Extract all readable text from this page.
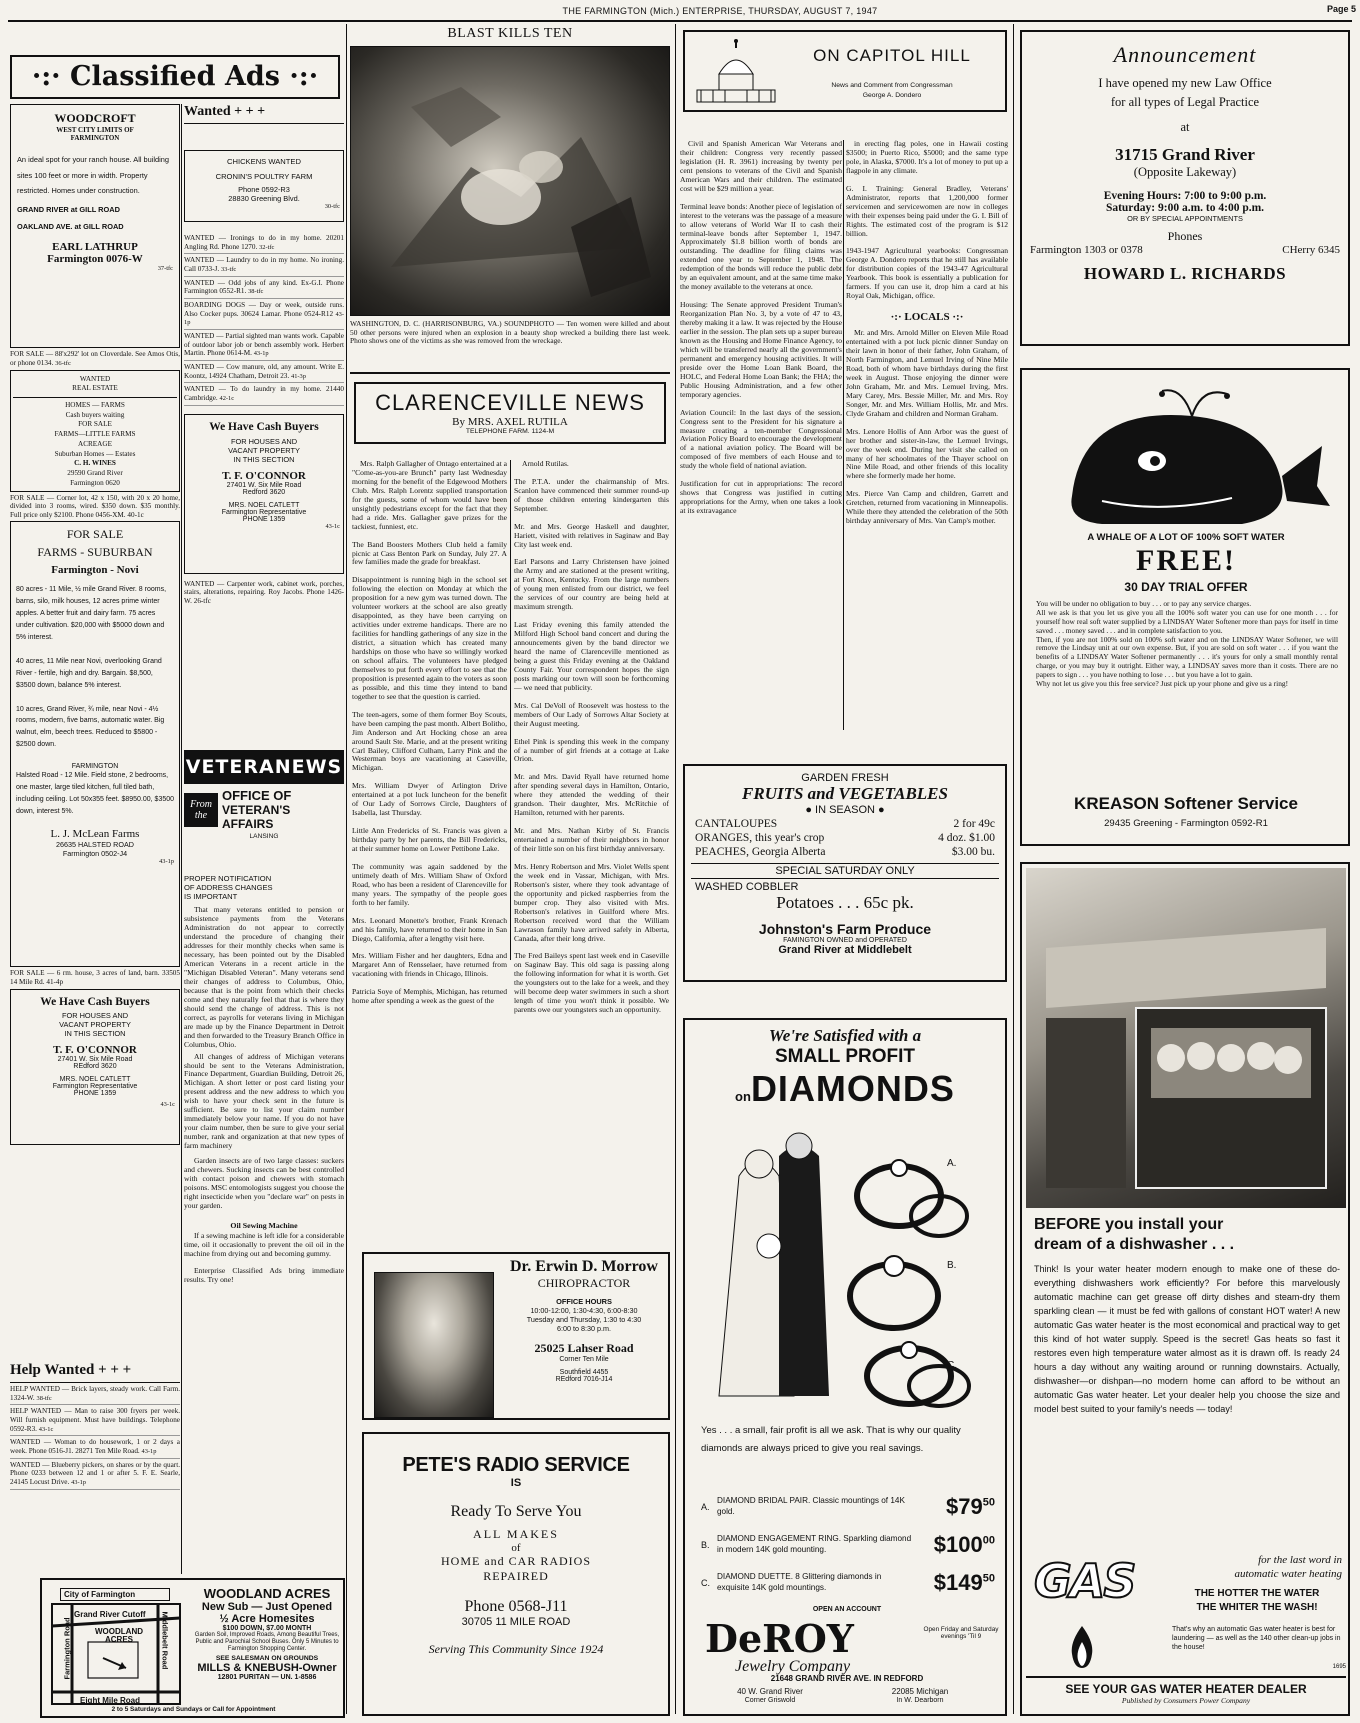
THE FARMINGTON (Mich.) ENTERPRISE, THURSDAY, AUGUST 7, 1947	Page 5
·:· Classified Ads ·:·
WOODCROFT
WEST CITY LIMITS OF
FARMINGTON
An ideal spot for your ranch house. All building sites 100 feet or more in width. Property restricted. Homes under construction.
GRAND RIVER at GILL ROAD
OAKLAND AVE. at GILL ROAD
EARL LATHRUP
Farmington 0076-W
37-tfc
FOR SALE — 88'x292' lot on Cloverdale. See Amos Otis, or phone 0134. 36-tfc
WANTED
REAL ESTATE
HOMES — FARMS
Cash buyers waiting
FOR SALE
FARMS—LITTLE FARMS
ACREAGE
Suburban Homes — Estates
C. H. WINES
29590 Grand River
Farmington 0620
FOR SALE — Corner lot, 42 x 150, with 20 x 20 home, divided into 3 rooms, wired. $350 down. $35 monthly. Full price only $2100. Phone 0456-XM. 40-1c
FOR SALE
FARMS - SUBURBAN
Farmington - Novi
80 acres - 11 Mile, ½ mile Grand River. 8 rooms, barns, silo, milk houses, 12 acres prime winter apples. A better fruit and dairy farm. 75 acres under cultivation. $20,000 with $5000 down and 5% interest.
40 acres, 11 Mile near Novi, overlooking Grand River - fertile, high and dry. Bargain. $8,500, $3500 down, balance 5% interest.
10 acres, Grand River, ¾ mile, near Novi - 4½ rooms, modern, five barns, automatic water. Big walnut, elm, beech trees. Reduced to $5800 - $2500 down.
FARMINGTON
Halsted Road - 12 Mile. Field stone, 2 bedrooms, one master, large tiled kitchen, full tiled bath, including ceiling. Lot 50x355 feet. $8950.00, $3500 down, interest 5%.
L. J. McLean Farms
26635 HALSTED ROAD
Farmington 0502-J4
43-1p
FOR SALE — 6 rm. house, 3 acres of land, barn. 33505 14 Mile Rd. 41-4p
We Have Cash Buyers
FOR HOUSES AND
VACANT PROPERTY
IN THIS SECTION
T. F. O'CONNOR
27401 W. Six Mile Road
REdford 3620
MRS. NOEL CATLETT
Farmington Representative
PHONE 1359
43-1c
Help Wanted + + +
HELP WANTED — Brick layers, steady work. Call Farm. 1324-W. 38-tfc
HELP WANTED — Man to raise 300 fryers per week. Will furnish equipment. Must have buildings. Telephone 0592-R3. 43-1c
WANTED — Woman to do housework, 1 or 2 days a week. Phone 0516-J1. 28271 Ten Mile Road. 43-1p
WANTED — Blueberry pickers, on shares or by the quart. Phone 0233 between 12 and 1 or after 5. F. E. Searle, 24145 Locust Drive. 43-1p
Wanted + + +
CHICKENS WANTED
CRONIN'S POULTRY FARM
Phone 0592-R3
28830 Greening Blvd.
30-tfc
WANTED — Ironings to do in my home. 20201 Angling Rd. Phone 1270. 32-tfc
WANTED — Laundry to do in my home. No ironing. Call 0733-J. 33-tfc
WANTED — Odd jobs of any kind. Ex-G.I. Phone Farmington 0552-R1. 38-tfc
BOARDING DOGS — Day or week, outside runs. Also Cocker pups. 30624 Lamar. Phone 0524-R12 43-1p
WANTED — Partial sighted man wants work. Capable of outdoor labor job or bench assembly work. Herbert Martin. Phone 0614-M. 43-1p
WANTED — Cow manure, old, any amount. Write E. Koontz, 14924 Chatham, Detroit 23. 41-3p
WANTED — To do laundry in my home. 21440 Cambridge. 42-1c
We Have Cash Buyers
FOR HOUSES AND
VACANT PROPERTY
IN THIS SECTION
T. F. O'CONNOR
27401 W. Six Mile Road
Redford 3620
MRS. NOEL CATLETT
Farmington Representative
PHONE 1359
43-1c
WANTED — Carpenter work, cabinet work, porches, stairs, alterations, repairing. Roy Jacobs. Phone 1426-W. 26-tfc
VETERANEWS
From the
OFFICE OF
VETERAN'S AFFAIRS
LANSING
PROPER NOTIFICATION
OF ADDRESS CHANGES
IS IMPORTANT

That many veterans entitled to pension or subsistence payments from the Veterans Administration do not appear to correctly understand the procedure of changing their addresses for their monthly checks when same is necessary, has been pointed out by the Disabled American Veterans in a recent article in the "Michigan Disabled Veteran". Many veterans send their changes of address to Columbus, Ohio, because that is the point from which their checks come and they naturally feel that that is where they should send the change of address. This is not correct, as payrolls for veterans living in Michigan are made up by the Finance Department in Detroit and then forwarded to the Treasury Branch Office in Columbus, Ohio.

All changes of address of Michigan veterans should be sent to the Veterans Administration, Finance Department, Guardian Building, Detroit 26, Michigan. A short letter or post card listing your present address and the new address to which you wish to have your check sent in the future is sufficient. Be sure to list your claim number immediately below your name. If you do not have your claim number, then be sure to give your serial number, rank and organization at that new types of farm machinery

Garden insects are of two large classes: suckers and chewers. Sucking insects can be best controlled with contact poison and chewers with stomach poisons. MSC entomologists suggest you choose the right insecticide when you "declare war" on pests in your garden.

Oil Sewing Machine

If a sewing machine is left idle for a considerable time, oil it occasionally to prevent the oil oil in the machine from drying out and becoming gummy.

Enterprise Classified Ads bring immediate results. Try one!

City of Farmington
Grand River Cutoff
WOODLAND ACRES
Farmington Road	Middlebelt Road
Eight Mile Road
WOODLAND ACRES
New Sub — Just Opened
½ Acre Homesites
$100 DOWN, $7.00 MONTH
Garden Soil, Improved Roads, Among Beautiful Trees, Public and Parochial School Buses. Only 5 Minutes to Farmington Shopping Center.
SEE SALESMAN ON GROUNDS
MILLS & KNEBUSH-Owner
12801 PURITAN — UN. 1-8586
2 to 5 Saturdays and Sundays or Call for Appointment
BLAST KILLS TEN

WASHINGTON, D. C. (HARRISONBURG, VA.) SOUNDPHOTO — Ten women were killed and about 50 other persons were injured when an explosion in a beauty shop wrecked a building there last week. Photo shows one of the victims as she was removed from the wreckage.

CLARENCEVILLE NEWS
By MRS. AXEL RUTILA
TELEPHONE FARM. 1124-M

Mrs. Ralph Gallagher of Ontago entertained at a "Come-as-you-are Brunch" party last Wednesday morning for the benefit of the Edgewood Mothers Club. Mrs. Ralph Lorentz supplied transportation for the guests, some of whom would have been unsightly pedestrians except for the fact that they had a ride. Mrs. Gallagher gave prizes for the tackiest, funniest, etc.

The Band Boosters Mothers Club held a family picnic at Cass Benton Park on Sunday, July 27. A few families made the grade for breakfast.

Disappointment is running high in the school set following the election on Monday at which the proposition for a new gym was turned down. The volunteer workers at the school are also greatly disappointed, as they have been carrying on activities under extreme handicaps. There are no facilities for handling gatherings of any size in the district, a situation which has created many hardships on those who have so willingly worked on school affairs. The volunteers have pledged themselves to put forth every effort to see that the proposition is presented again to the voters as soon as possible, and this time they intend to band together to see that the question is carried.

The teen-agers, some of them former Boy Scouts, have been camping the past month. Albert Bolitho, Jim Anderson and Art Hocking chose an area around Sault Ste. Marie, and at the present writing Carl Bailey, Clifford Culham, Larry Pink and the Westerman boys are vacationing at Caseville, Michigan.

Mrs. William Dwyer of Arlington Drive entertained at a pot luck luncheon for the benefit of Our Lady of Sorrows Circle, Daughters of Isabella, last Thursday.

Little Ann Fredericks of St. Francis was given a birthday party by her parents, the Bill Fredericks, at their summer home on Lower Pettibone Lake.

The community was again saddened by the untimely death of Mrs. William Shaw of Oxford Road, who has been a resident of Clarenceville for many years. The sympathy of the people goes forth to her family.

Mrs. Leonard Monette's brother, Frank Krenach and his family, have returned to their home in San Diego, California, after a lengthy visit here.

Mrs. William Fisher and her daughters, Edna and Margaret Ann of Rensselaer, have returned from vacationing with friends in Chicago, Illinois.

Patricia Soye of Memphis, Michigan, has returned home after spending a week as the guest of the

Arnold Rutilas.

The P.T.A. under the chairmanship of Mrs. Scanlon have commenced their summer round-up of those children entering kindergarten this September.

Mr. and Mrs. George Haskell and daughter, Hariett, visited with relatives in Saginaw and Bay City last week end.

Earl Parsons and Larry Christensen have joined the Army and are stationed at the present writing, at Fort Knox, Kentucky. From the large numbers of young men enlisted from our district, we feel the services of our country are being held at maximum strength.

Last Friday evening this family attended the Milford High School band concert and during the announcements given by the band director we heard the name of Clarenceville mentioned as being a guest this Friday evening at the Oakland County Fair. Your correspondent hopes the sign posts marking our town will soon be forthcoming — we need that publicity.

Mrs. Cal DeVoll of Roosevelt was hostess to the members of Our Lady of Sorrows Altar Society at their August meeting.

Ethel Pink is spending this week in the company of a number of girl friends at a cottage at Lake Orion.

Mr. and Mrs. David Ryall have returned home after spending several days in Hamilton, Ontario, where they attended the wedding of their grandson. Their daughter, Mrs. McRitchie of Hamilton, returned with her parents.

Mr. and Mrs. Nathan Kirby of St. Francis entertained a number of their neighbors in honor of their little son on his first birthday anniversary.

Mrs. Henry Robertson and Mrs. Violet Wells spent the week end in Vassar, Michigan, with Mrs. Robertson's sister, where they took advantage of the opportunity and picked raspberries from the bumper crop. They also visited with Mrs. Robertson's relatives in Guilford where Mrs. Robertson received word that the William Lawrason family have arrived safely in Alberta, Canada, after their long drive.

The Fred Baileys spent last week end in Caseville on Saginaw Bay. This old saga is passing along the following information for what it is worth. Get the youngsters out to the lake for a week, and they will become deep water swimmers in such a short length of time you won't think it possible. We parents owe our youngsters such an opportunity.

Dr. Erwin D. Morrow
CHIROPRACTOR
OFFICE HOURS
10:00-12:00, 1:30-4:30, 6:00-8:30
Tuesday and Thursday, 1:30 to 4:30
6:00 to 8:30 p.m.
25025 Lahser Road
Corner Ten Mile
Southfield 4455
REdford 7016-J14
PETE'S RADIO SERVICE
IS
Ready To Serve You
ALL MAKES
of
HOME and CAR RADIOS
REPAIRED
Phone 0568-J11
30705 11 MILE ROAD
Serving This Community Since 1924
ON CAPITOL HILL
News and Comment from Congressman
George A. Dondero

Civil and Spanish American War Veterans and their children: Congress very recently passed legislation (H. R. 3961) increasing by twenty per cent pensions to veterans of the Civil and Spanish American Wars and their children. The estimated cost will be $29 million a year.

Terminal leave bonds: Another piece of legislation of interest to the veterans was the passage of a measure to allow veterans of World War II to cash their terminal-leave bonds after September 1, 1947. Approximately $1.8 billion worth of bonds are outstanding. The deadline for filing claims was extended one year to September 1, 1948. The redemption of the bonds will reduce the public debt by an equivalent amount, and at the same time make the money available to the veterans at once.

Housing: The Senate approved President Truman's Reorganization Plan No. 3, by a vote of 47 to 43, thereby making it a law. It was rejected by the House earlier in the session. The plan sets up a super bureau known as the Housing and Home Finance Agency, to which will be transferred nearly all the government's permanent and emergency housing activities. It will preside over the Home Loan Bank Board, the HOLC, and Federal Home Loan Bank; the FHA; the Public Housing Administration, and a few other temporary agencies.

Aviation Council: In the last days of the session, Congress sent to the President for his signature a measure creating a ten-member Congressional Aviation Policy Board to encourage the development of a national aviation policy. The Board will be composed of five members of each House and to study the whole field of national aviation.

Justification for cut in appropriations: The record shows that Congress was justified in cutting appropriations for the Army, when one takes a look at its extravagance

in erecting flag poles, one in Hawaii costing $3500; in Puerto Rico, $5000; and the same type pole, in Alaska, $7000. It's a lot of money to put up a flagpole in any climate.

G. I. Training: General Bradley, Veterans' Administrator, reports that 1,200,000 former servicemen and servicewomen are now in colleges with their expenses being paid under the G. I. Bill of Rights. The estimated cost of the program is $12 billion.

1943-1947 Agricultural yearbooks: Congressman George A. Dondero reports that he still has available for distribution copies of the 1943-47 Agricultural Yearbook. This book is essentially a publication for farmers. If you can use it, drop him a card at his Royal Oak, Michigan, office.

·:· LOCALS ·:·

Mr. and Mrs. Arnold Miller on Eleven Mile Road entertained with a pot luck picnic dinner Sunday on their lawn in honor of their father, John Graham, of North Farmington, and Lemuel Irving of Nine Mile Road, both of whom have birthdays during the first week in August. Those enjoying the dinner were John Graham, Mr. and Mrs. Lemuel Irving, Mrs. Mary Carey, Mrs. Bessie Miller, Mr. and Mrs. Roy Songer, Mr. and Mrs. William Hollis, Mr. and Mrs. Clyde Graham and children and Norman Graham.

Mrs. Lenore Hollis of Ann Arbor was the guest of her brother and sister-in-law, the Lemuel Irvings, over the week end. During her visit she called on many of her schoolmates of the Thayer school on Nine Mile Road, and other friends of this locality where she formerly made her home.

Mrs. Pierce Van Camp and children, Garrett and Gretchen, returned from vacationing in Minneapolis. While there they attended the celebration of the 50th birthday anniversary of Mrs. Van Camp's mother.

GARDEN FRESH
FRUITS and VEGETABLES
● IN SEASON ●
CANTALOUPES	2 for 49c
ORANGES, this year's crop	4 doz. $1.00
PEACHES, Georgia Alberta	$3.00 bu.
SPECIAL SATURDAY ONLY
WASHED COBBLER
Potatoes . . . 65c pk.
Johnston's Farm Produce
FAMINGTON OWNED and OPERATED
Grand River at Middlebelt
We're Satisfied with a
SMALL PROFIT
on DIAMONDS
A.
B.
C.
Yes . . . a small, fair profit is all we ask. That is why our quality diamonds are always priced to give you real savings.
A.
DIAMOND BRIDAL PAIR. Classic mountings of 14K gold.	$\$79^{50}$
B.
DIAMOND ENGAGEMENT RING. Sparkling diamond in modern 14K gold mounting.	$\$100^{00}$
C.
DIAMOND DUETTE. 8 Glittering diamonds in exquisite 14K gold mountings.	$\$149^{50}$
OPEN AN ACCOUNT
DeROY
Jewelry Company
Open Friday and Saturday evenings 'Til 9
21648 GRAND RIVER AVE. IN REDFORD
40 W. Grand River
Corner Griswold
22085 Michigan
In W. Dearborn
Announcement
I have opened my new Law Office
for all types of Legal Practice
at
31715 Grand River
(Opposite Lakeway)
Evening Hours: 7:00 to 9:00 p.m.
Saturday: 9:00 a.m. to 4:00 p.m.
OR BY SPECIAL APPOINTMENTS
Phones
Farmington 1303 or 0378	CHerry 6345
HOWARD L. RICHARDS
A WHALE OF A LOT OF 100% SOFT WATER
FREE!
30 DAY TRIAL OFFER
You will be under no obligation to buy . . . or to pay any service charges.
All we ask is that you let us give you all the 100% soft water you can use for one month . . . for yourself how real soft water supplied by a LINDSAY Water Softener more than pays for itself in time saved . . . money saved . . . and in complete satisfaction to you.
Then, if you are not 100% sold on 100% soft water and on the LINDSAY Water Softener, we will remove the Lindsay unit at our own expense. But, if you are sold on soft water . . . if you want the benefits of a LINDSAY Water Softener permanently . . . it's yours for only a small monthly rental charge, or you may buy it outright. Either way, a LINDSAY saves more than it costs. There are no papers to sign . . . you have nothing to lose . . . but you have a lot to gain.
Why not let us give you this free service? Just pick up your phone and give us a ring!
KREASON Softener Service
29435 Greening - Farmington 0592-R1
BEFORE you install your
dream of a dishwasher . . .
Think! Is your water heater modern enough to make one of these do-everything dishwashers work efficiently? For before this marvelously automatic machine can get grease off dirty dishes and steam-dry them sparkling clean — it must be fed with gallons of constant HOT water! A new automatic Gas water heater is the most economical and practical way to get this kind of hot water supply. Speed is the secret! Gas heats so fast it restores even high temperature water almost as it is drawn off. Is ready 24 hours a day without any waiting around or running downstairs. Actually, dishwasher—or dishpan—no modern home can afford to be without an automatic Gas water heater. Let your dealer help you choose the size and model best suited to your family's needs — today!
GAS	for the last word in
automatic water heating
THE HOTTER THE WATER
THE WHITER THE WASH!
That's why an automatic Gas water heater is best for laundering — as well as the 140 other clean-up jobs in the house!
1695
SEE YOUR GAS WATER HEATER DEALER
Published by Consumers Power Company
